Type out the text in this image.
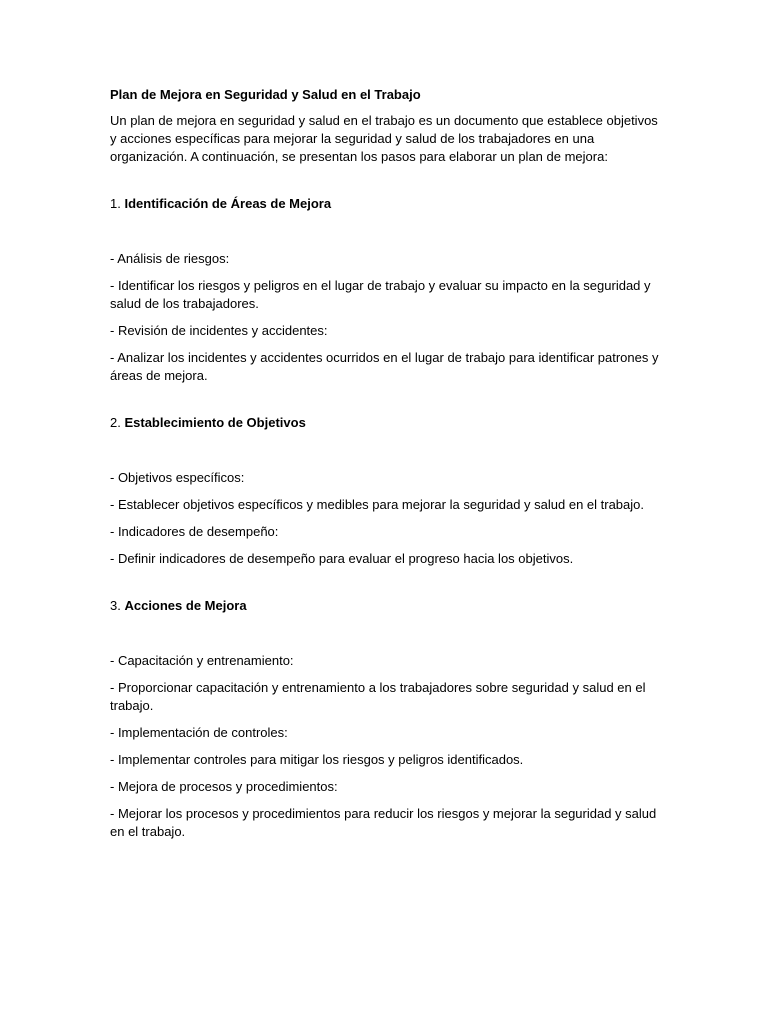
Plan de Mejora en Seguridad y Salud en el Trabajo

Un plan de mejora en seguridad y salud en el trabajo es un documento que establece objetivos y acciones específicas para mejorar la seguridad y salud de los trabajadores en una organización. A continuación, se presentan los pasos para elaborar un plan de mejora:

1. Identificación de Áreas de Mejora

- Análisis de riesgos:

- Identificar los riesgos y peligros en el lugar de trabajo y evaluar su impacto en la seguridad y salud de los trabajadores.

- Revisión de incidentes y accidentes:

- Analizar los incidentes y accidentes ocurridos en el lugar de trabajo para identificar patrones y áreas de mejora.

2. Establecimiento de Objetivos

- Objetivos específicos:

- Establecer objetivos específicos y medibles para mejorar la seguridad y salud en el trabajo.

- Indicadores de desempeño:

- Definir indicadores de desempeño para evaluar el progreso hacia los objetivos.

3. Acciones de Mejora

- Capacitación y entrenamiento:

- Proporcionar capacitación y entrenamiento a los trabajadores sobre seguridad y salud en el trabajo.

- Implementación de controles:

- Implementar controles para mitigar los riesgos y peligros identificados.

- Mejora de procesos y procedimientos:

- Mejorar los procesos y procedimientos para reducir los riesgos y mejorar la seguridad y salud en el trabajo.
